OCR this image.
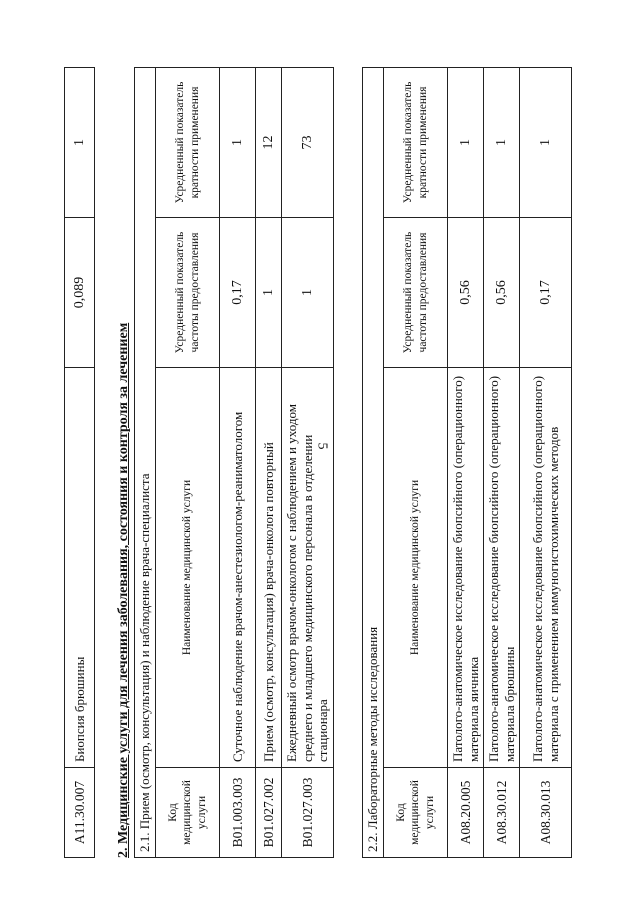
5
A11.30.007	Биопсия брюшины	0,089	1
2. Медицинские услуги для лечения заболевания, состояния и контроля за лечением 2.1. Прием (осмотр, консультация) и наблюдение врача-специалиста			
Код медицинской услуги	Наименование медицинской услуги	Усредненный показатель частоты предоставления	Усредненный показатель кратности применения
B01.003.003	Суточное наблюдение врачом-анестезиологом-реаниматологом	0,17	1
B01.027.002	Прием (осмотр, консультация) врача-онколога повторный	1	12
B01.027.003	Ежедневный осмотр врачом-онкологом с наблюдением и уходом среднего и младшего медицинского персонала в отделении стационара	1	73
2.2. Лабораторные методы исследования			
Код медицинской услуги	Наименование медицинской услуги	Усредненный показатель частоты предоставления	Усредненный показатель кратности применения
A08.20.005	Патолого-анатомическое исследование биопсийного (операционного) материала яичника	0,56	1
A08.30.012	Патолого-анатомическое исследование биопсийного (операционного) материала брюшины	0,56	1
A08.30.013	Патолого-анатомическое исследование биопсийного (операционного) материала с применением иммуногистохимических методов	0,17	1
